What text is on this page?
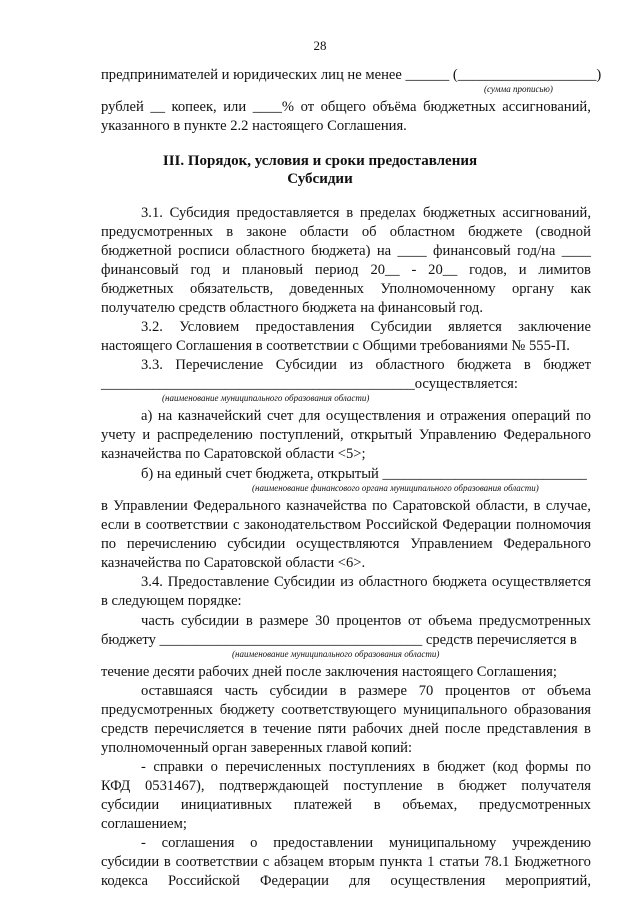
28
предпринимателей и юридических лиц не менее ______ (___________________)
(сумма прописью)
рублей __ копеек, или ____% от общего объёма бюджетных ассигнований,
указанного в пункте 2.2 настоящего Соглашения.
III. Порядок, условия и сроки предоставления
Субсидии
3.1. Субсидия предоставляется в пределах бюджетных ассигнований,
предусмотренных в законе области об областном бюджете (сводной
бюджетной росписи областного бюджета) на ____ финансовый год/на ____
финансовый год и плановый период 20__ - 20__ годов, и лимитов
бюджетных обязательств, доведенных Уполномоченному органу как
получателю средств областного бюджета на финансовый год.
3.2. Условием предоставления Субсидии является заключение
настоящего Соглашения в соответствии с Общими требованиями № 555-П.
3.3. Перечисление Субсидии из областного бюджета в бюджет
___________________________________________осуществляется:
(наименование муниципального образования области)
а) на казначейский счет для осуществления и отражения операций по
учету и распределению поступлений, открытый Управлению Федерального
казначейства по Саратовской области <5>;
б) на единый счет бюджета, открытый ____________________________
(наименование финансового органа муниципального образования области)
в Управлении Федерального казначейства по Саратовской области, в случае,
если в соответствии с законодательством Российской Федерации полномочия
по перечислению субсидии осуществляются Управлением Федерального
казначейства по Саратовской области <6>.
3.4. Предоставление Субсидии из областного бюджета осуществляется
в следующем порядке:
часть субсидии в размере 30 процентов от объема предусмотренных
бюджету ____________________________________ средств перечисляется в
(наименование муниципального образования области)
течение десяти рабочих дней после заключения настоящего Соглашения;
оставшаяся часть субсидии в размере 70 процентов от объема
предусмотренных бюджету соответствующего муниципального образования
средств перечисляется в течение пяти рабочих дней после представления в
уполномоченный орган заверенных главой копий:
- справки о перечисленных поступлениях в бюджет (код формы по
КФД 0531467), подтверждающей поступление в бюджет получателя
субсидии инициативных платежей в объемах, предусмотренных
соглашением;
- соглашения о предоставлении муниципальному учреждению
субсидии в соответствии с абзацем вторым пункта 1 статьи 78.1 Бюджетного
кодекса Российской Федерации для осуществления мероприятий,
